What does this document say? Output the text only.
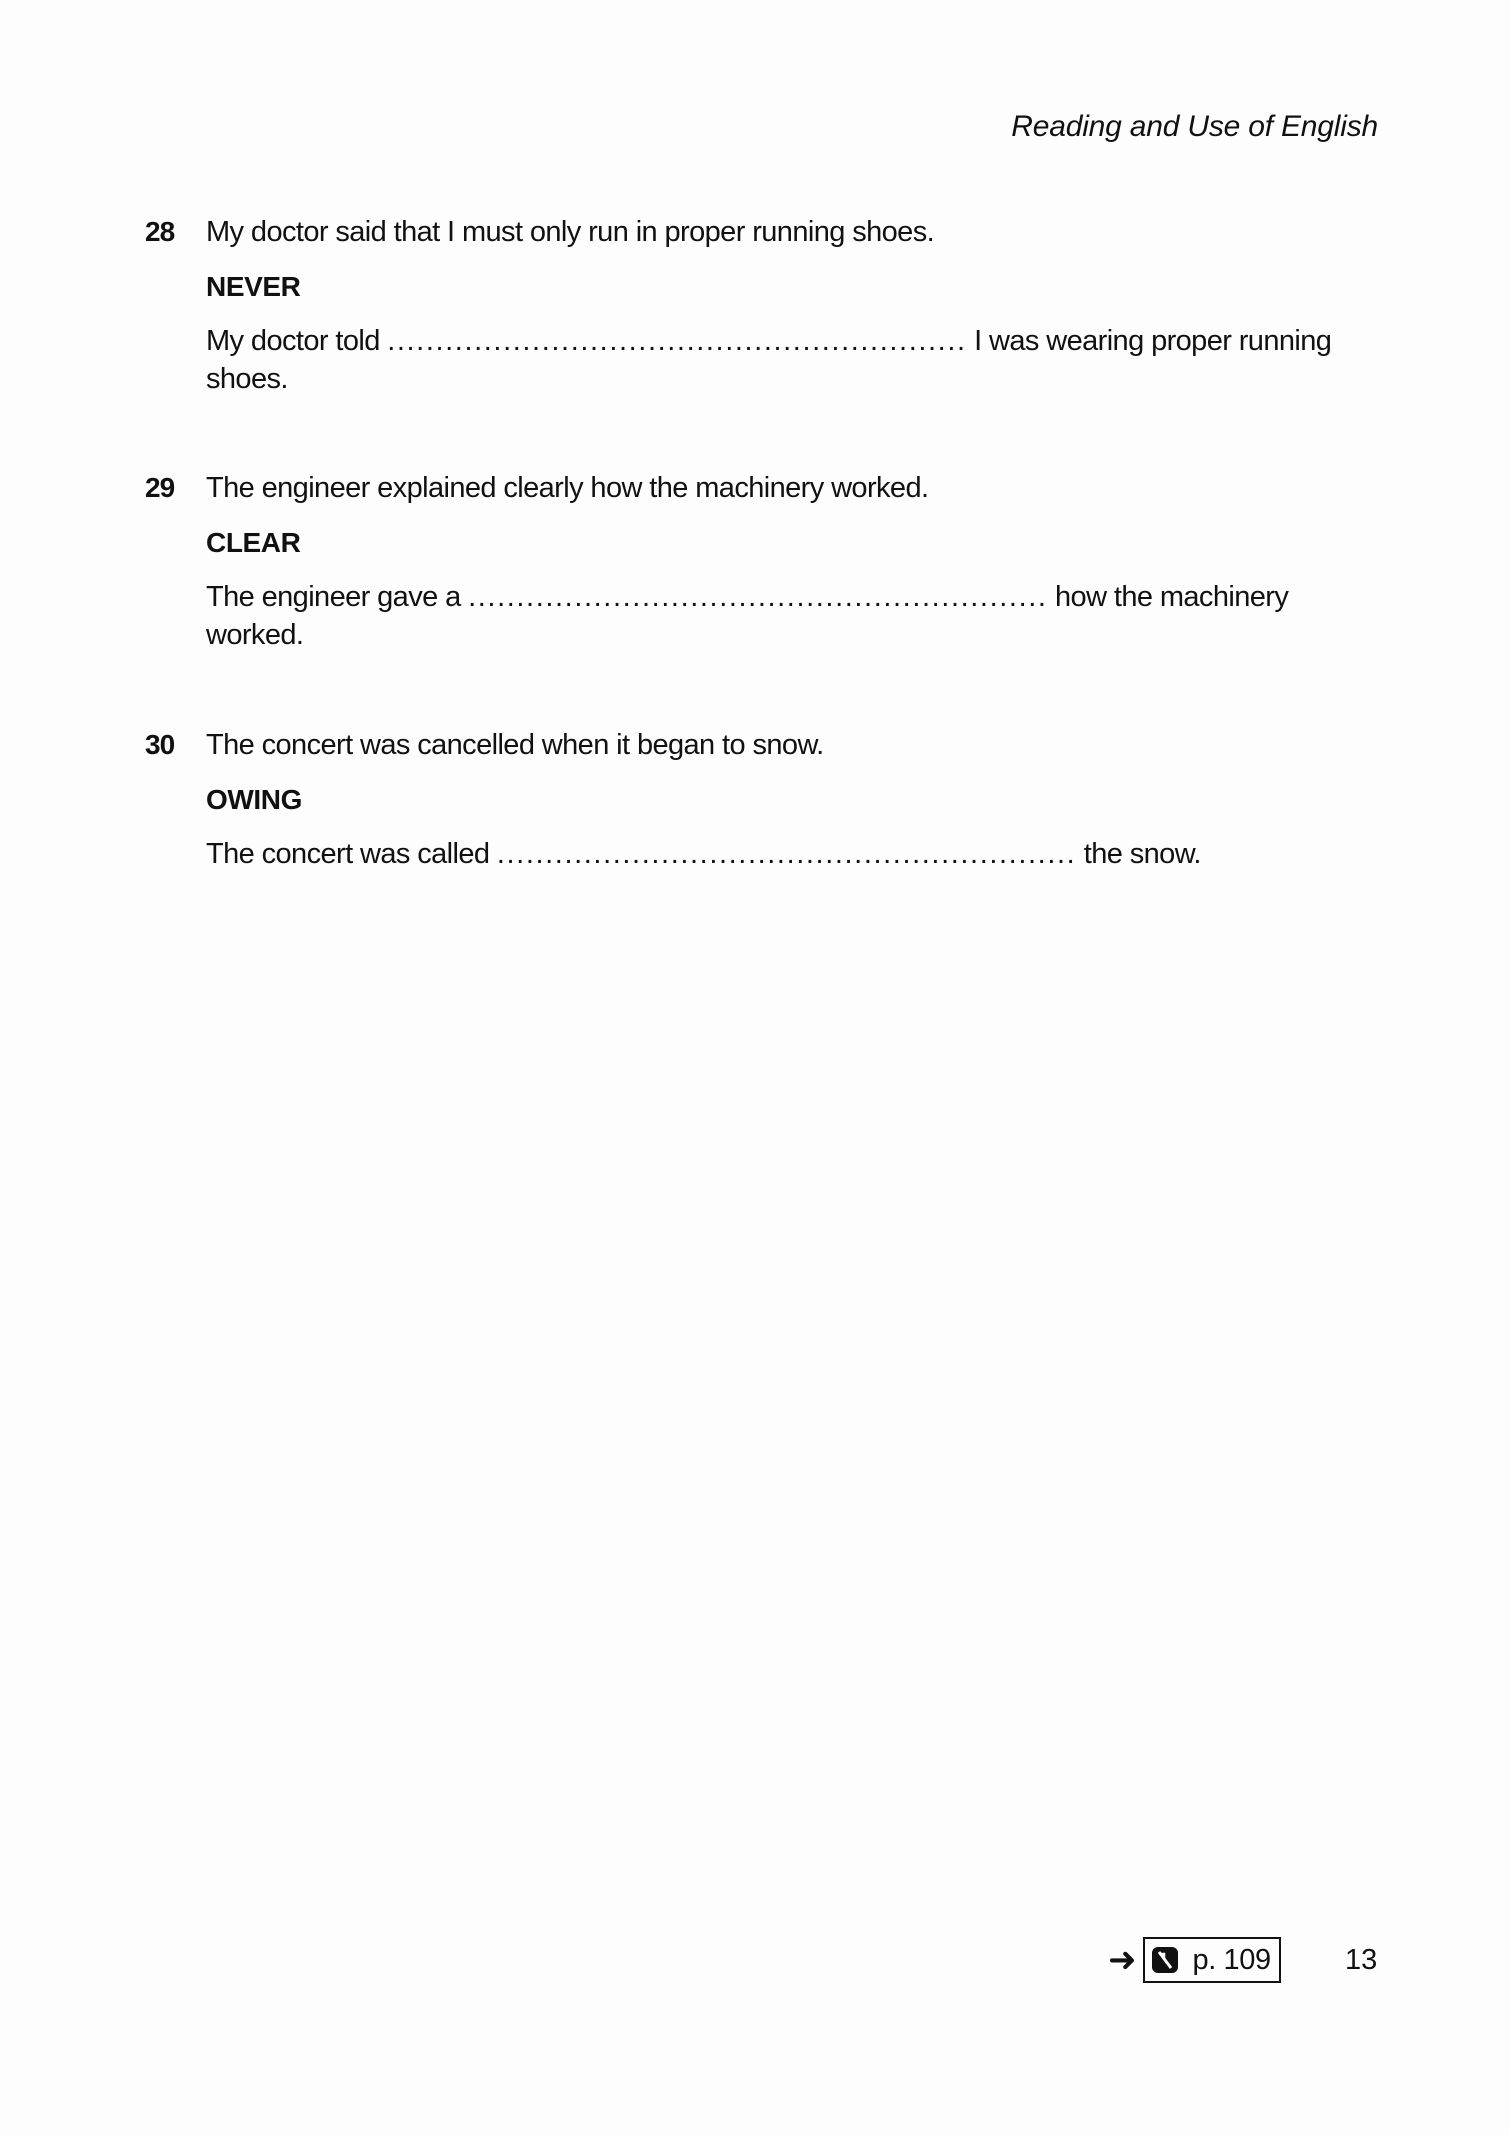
Reading and Use of English
28	My doctor said that I must only run in proper running shoes.
NEVER
My doctor told ............................................................ I was wearing proper running shoes.
29	The engineer explained clearly how the machinery worked.
CLEAR
The engineer gave a ............................................................ how the machinery worked.
30	The concert was cancelled when it began to snow.
OWING
The concert was called ............................................................ the snow.
➜ p. 109	13
